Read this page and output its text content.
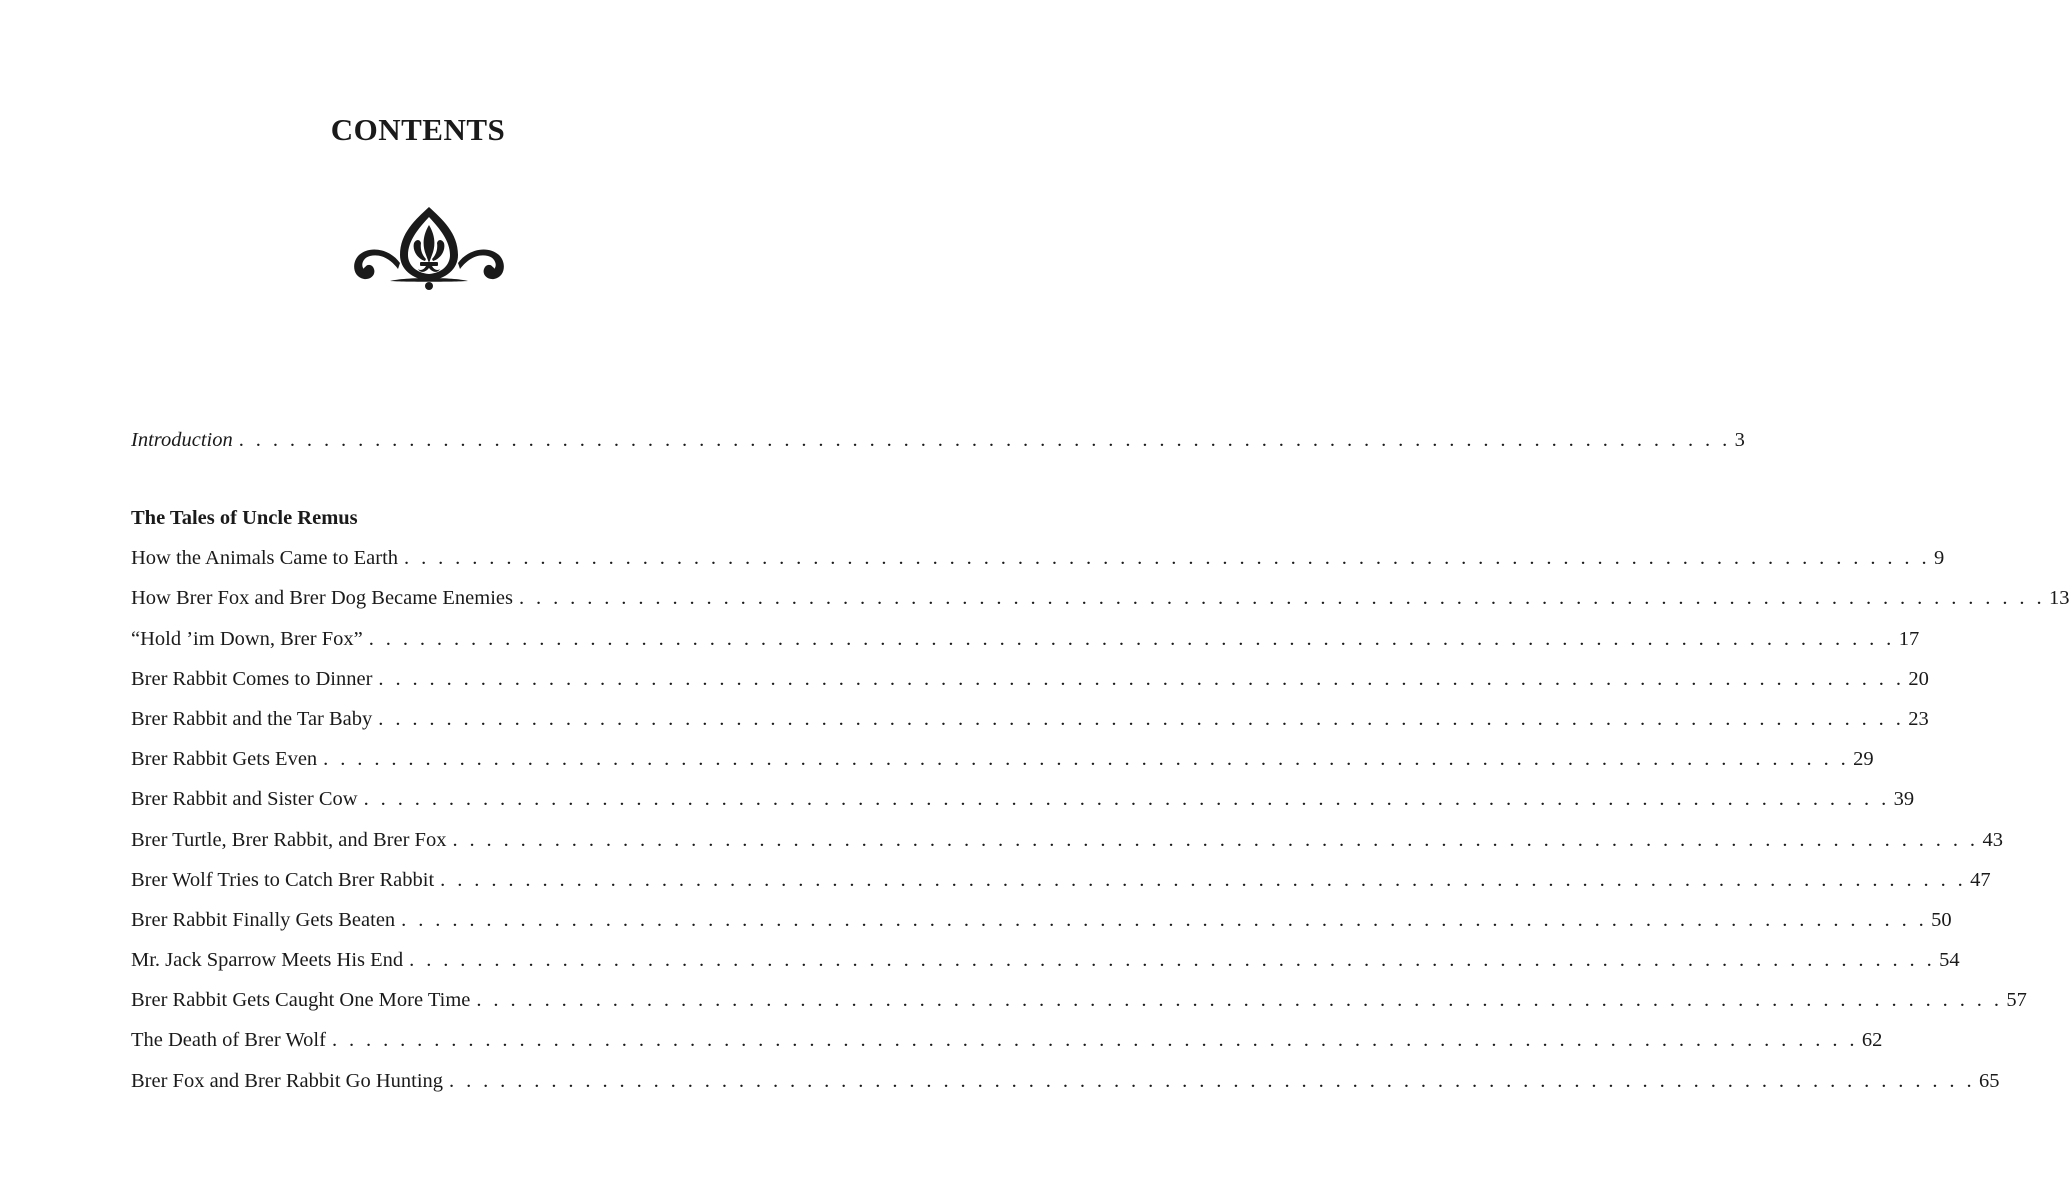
CONTENTS
Introduction . . . . . . . . . . . . . . . . . . . . . . . . . . . . . . . . . . . . . . . . . . . . . . . . . . . . . . . . . . . . . . . . . . . . . . . . . . . . . . . . . . . . . . . . 3
The Tales of Uncle Remus
How the Animals Came to Earth . . . . . . . . . . . . . . . . . . . . . . . . . . . . . . . . . . . . . . . . . . . . . . . . . . . . . . . . . . . . . . . . . . . . . . . . . . . . . . . . . . . . . . . . . . 9
How Brer Fox and Brer Dog Became Enemies . . . . . . . . . . . . . . . . . . . . . . . . . . . . . . . . . . . . . . . . . . . . . . . . . . . . . . . . . . . . . . . . . . . . . . . . . . . . . . . . . . . . . . . . . . 13
“Hold ’im Down, Brer Fox” . . . . . . . . . . . . . . . . . . . . . . . . . . . . . . . . . . . . . . . . . . . . . . . . . . . . . . . . . . . . . . . . . . . . . . . . . . . . . . . . . . . . . . . . . . 17
Brer Rabbit Comes to Dinner . . . . . . . . . . . . . . . . . . . . . . . . . . . . . . . . . . . . . . . . . . . . . . . . . . . . . . . . . . . . . . . . . . . . . . . . . . . . . . . . . . . . . . . . . . 20
Brer Rabbit and the Tar Baby . . . . . . . . . . . . . . . . . . . . . . . . . . . . . . . . . . . . . . . . . . . . . . . . . . . . . . . . . . . . . . . . . . . . . . . . . . . . . . . . . . . . . . . . . . 23
Brer Rabbit Gets Even . . . . . . . . . . . . . . . . . . . . . . . . . . . . . . . . . . . . . . . . . . . . . . . . . . . . . . . . . . . . . . . . . . . . . . . . . . . . . . . . . . . . . . . . . . 29
Brer Rabbit and Sister Cow . . . . . . . . . . . . . . . . . . . . . . . . . . . . . . . . . . . . . . . . . . . . . . . . . . . . . . . . . . . . . . . . . . . . . . . . . . . . . . . . . . . . . . . . . . 39
Brer Turtle, Brer Rabbit, and Brer Fox . . . . . . . . . . . . . . . . . . . . . . . . . . . . . . . . . . . . . . . . . . . . . . . . . . . . . . . . . . . . . . . . . . . . . . . . . . . . . . . . . . . . . . . . . . 43
Brer Wolf Tries to Catch Brer Rabbit . . . . . . . . . . . . . . . . . . . . . . . . . . . . . . . . . . . . . . . . . . . . . . . . . . . . . . . . . . . . . . . . . . . . . . . . . . . . . . . . . . . . . . . . . . 47
Brer Rabbit Finally Gets Beaten . . . . . . . . . . . . . . . . . . . . . . . . . . . . . . . . . . . . . . . . . . . . . . . . . . . . . . . . . . . . . . . . . . . . . . . . . . . . . . . . . . . . . . . . . . 50
Mr. Jack Sparrow Meets His End . . . . . . . . . . . . . . . . . . . . . . . . . . . . . . . . . . . . . . . . . . . . . . . . . . . . . . . . . . . . . . . . . . . . . . . . . . . . . . . . . . . . . . . . . . 54
Brer Rabbit Gets Caught One More Time . . . . . . . . . . . . . . . . . . . . . . . . . . . . . . . . . . . . . . . . . . . . . . . . . . . . . . . . . . . . . . . . . . . . . . . . . . . . . . . . . . . . . . . . . . 57
The Death of Brer Wolf . . . . . . . . . . . . . . . . . . . . . . . . . . . . . . . . . . . . . . . . . . . . . . . . . . . . . . . . . . . . . . . . . . . . . . . . . . . . . . . . . . . . . . . . . . 62
Brer Fox and Brer Rabbit Go Hunting . . . . . . . . . . . . . . . . . . . . . . . . . . . . . . . . . . . . . . . . . . . . . . . . . . . . . . . . . . . . . . . . . . . . . . . . . . . . . . . . . . . . . . . . . . 65
